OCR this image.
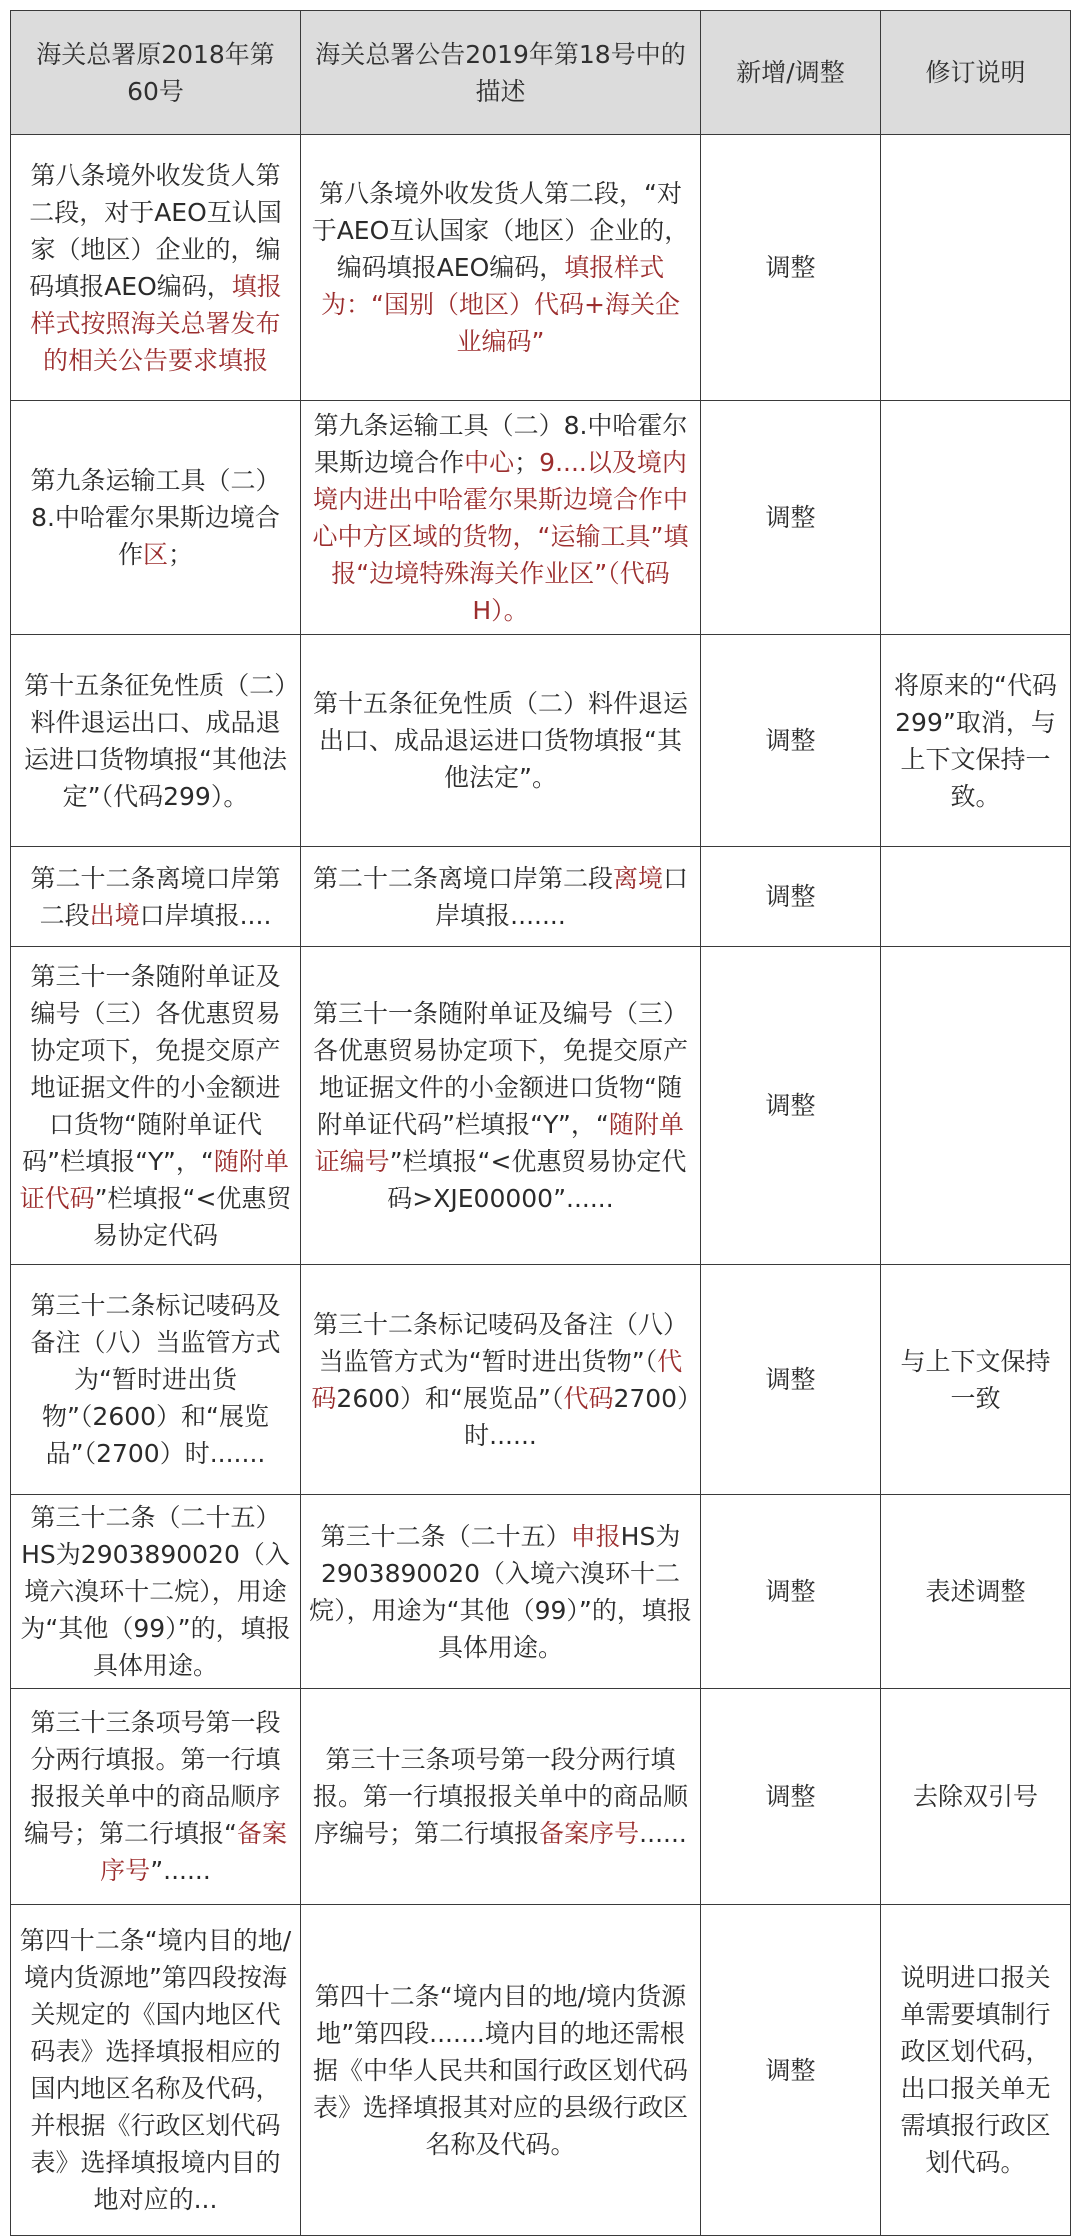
海关总署原2018年第60号	海关总署公告2019年第18号中的描述	新增/调整	修订说明
第八条境外收发货人第二段，对于AEO互认国家（地区）企业的，编码填报AEO编码，填报样式按照海关总署发布的相关公告要求填报	第八条境外收发货人第二段，“对于AEO互认国家（地区）企业的，编码填报AEO编码，填报样式为：“国别（地区）代码+海关企业编码”	调整	
第九条运输工具（二）8.中哈霍尔果斯边境合作区；	第九条运输工具（二）8.中哈霍尔果斯边境合作中心；9....以及境内境内进出中哈霍尔果斯边境合作中心中方区域的货物，“运输工具”填报“边境特殊海关作业区”（代码H）。	调整	
第十五条征免性质（二）料件退运出口、成品退运进口货物填报“其他法定”（代码299）。	第十五条征免性质（二）料件退运出口、成品退运进口货物填报“其他法定”。	调整	将原来的“代码299”取消，与上下文保持一致。
第二十二条离境口岸第二段出境口岸填报....	第二十二条离境口岸第二段离境口岸填报.......	调整	
第三十一条随附单证及编号（三）各优惠贸易协定项下，免提交原产地证据文件的小金额进口货物“随附单证代码”栏填报“Y”，“随附单证代码”栏填报“<优惠贸易协定代码	第三十一条随附单证及编号（三）各优惠贸易协定项下，免提交原产地证据文件的小金额进口货物“随附单证代码”栏填报“Y”，“随附单证编号”栏填报“<优惠贸易协定代码>XJE00000”......	调整	
第三十二条标记唛码及备注（八）当监管方式为“暂时进出货物”（2600）和“展览品”（2700）时.......	第三十二条标记唛码及备注（八）当监管方式为“暂时进出货物”（代码2600）和“展览品”（代码2700）时......	调整	与上下文保持一致
第三十二条（二十五）HS为2903890020（入境六溴环十二烷），用途为“其他（99）”的，填报具体用途。	第三十二条（二十五）申报HS为2903890020（入境六溴环十二烷），用途为“其他（99）”的，填报具体用途。	调整	表述调整
第三十三条项号第一段分两行填报。第一行填报报关单中的商品顺序编号；第二行填报“备案序号”......	第三十三条项号第一段分两行填报。第一行填报报关单中的商品顺序编号；第二行填报备案序号......	调整	去除双引号
第四十二条“境内目的地/境内货源地”第四段按海关规定的《国内地区代码表》选择填报相应的国内地区名称及代码，并根据《行政区划代码表》选择填报境内目的地对应的...	第四十二条“境内目的地/境内货源地”第四段.......境内目的地还需根据《中华人民共和国行政区划代码表》选择填报其对应的县级行政区名称及代码。	调整	说明进口报关单需要填制行政区划代码，出口报关单无需填报行政区划代码。
